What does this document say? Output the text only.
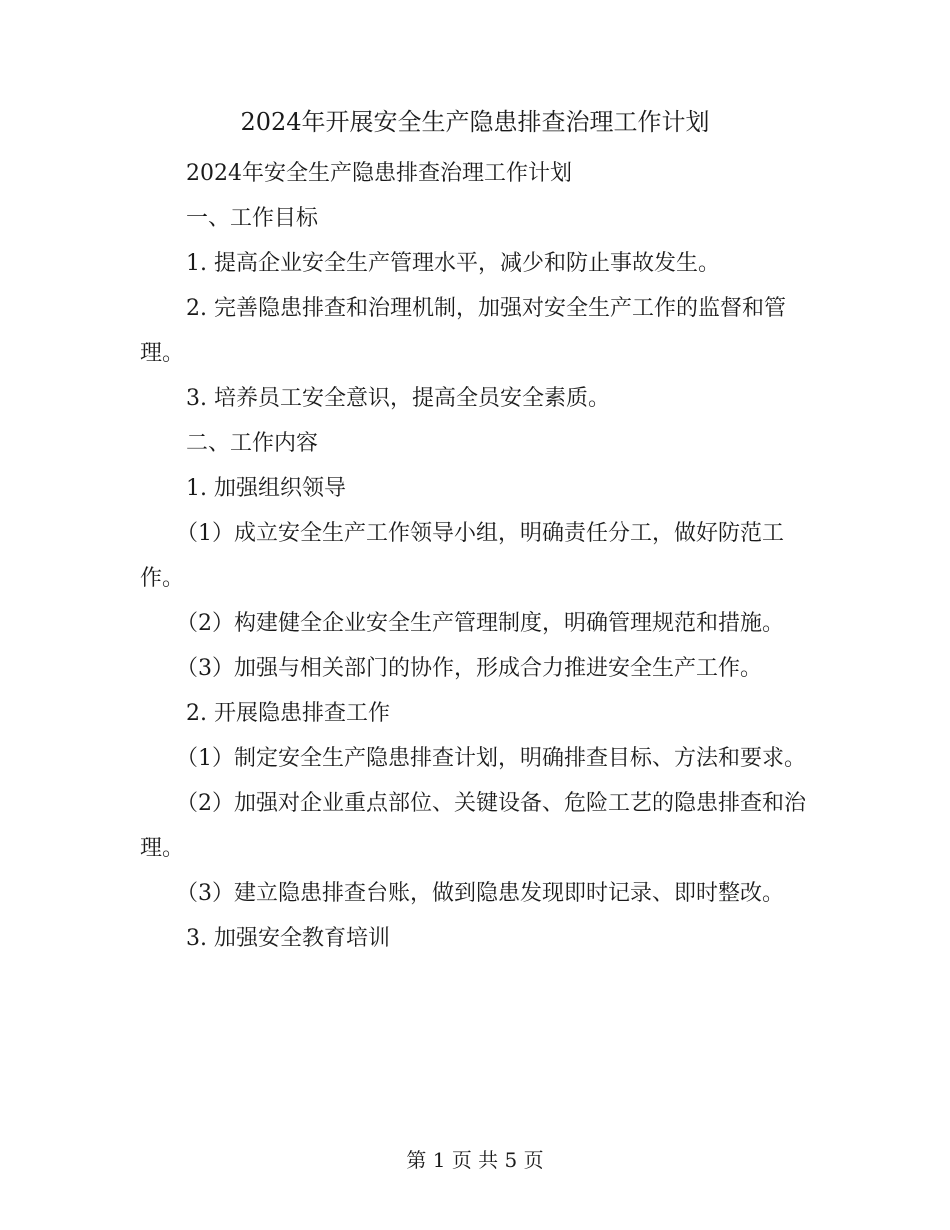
2024年开展安全生产隐患排查治理工作计划

2024年安全生产隐患排查治理工作计划

一、工作目标

1. 提高企业安全生产管理水平，减少和防止事故发生。

2. 完善隐患排查和治理机制，加强对安全生产工作的监督和管理。

3. 培养员工安全意识，提高全员安全素质。

二、工作内容

1. 加强组织领导

（1）成立安全生产工作领导小组，明确责任分工，做好防范工作。

（2）构建健全企业安全生产管理制度，明确管理规范和措施。

（3）加强与相关部门的协作，形成合力推进安全生产工作。

2. 开展隐患排查工作

（1）制定安全生产隐患排查计划，明确排查目标、方法和要求。

（2）加强对企业重点部位、关键设备、危险工艺的隐患排查和治理。

（3）建立隐患排查台账，做到隐患发现即时记录、即时整改。

3. 加强安全教育培训

第 1 页 共 5 页
